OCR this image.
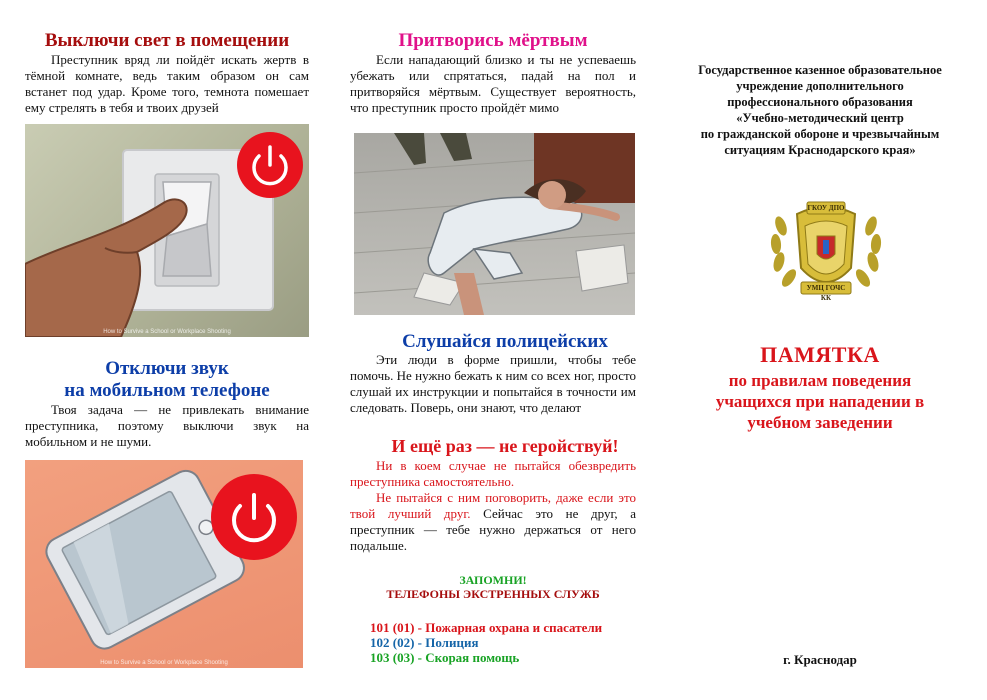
Выключи свет в помещении

Преступник вряд ли пойдёт искать жертв в тёмной комнате, ведь таким образом он сам встанет под удар. Кроме того, темнота помешает ему стрелять в тебя и твоих друзей

How to Survive a School or Workplace Shooting
Отключи звук
на мобильном телефоне

Твоя задача — не привлекать внимание преступника, поэтому выключи звук на мобильном и не шуми.

How to Survive a School or Workplace Shooting
Притворись мёртвым

Если нападающий близко и ты не успеваешь убежать или спрятаться, падай на пол и притворяйся мёртвым. Существует вероятность, что преступник просто пройдёт мимо

Слушайся полицейских

Эти люди в форме пришли, чтобы тебе помочь. Не нужно бежать к ним со всех ног, просто слушай их инструкции и попытайся в точности им следовать. Поверь, они знают, что делают

И ещё раз — не геройствуй!

Ни в коем случае не пытайся обезвредить преступника самостоятельно.

Не пытайся с ним поговорить, даже если это твой лучший друг. Сейчас это не друг, а преступник — тебе нужно держаться от него подальше.

ЗАПОМНИ!
ТЕЛЕФОНЫ ЭКСТРЕННЫХ СЛУЖБ
101 (01) - Пожарная охрана и спасатели
102 (02) - Полиция
103 (03) - Скорая помощь
Государственное казенное образовательное
учреждение дополнительного
профессионального образования
«Учебно-методический центр
по гражданской обороне и чрезвычайным
ситуациям Краснодарского края»
ГКОУ ДПО
УМЦ ГОЧС КК
ПАМЯТКА
по правилам поведения
учащихся при нападении в
учебном заведении
г. Краснодар
